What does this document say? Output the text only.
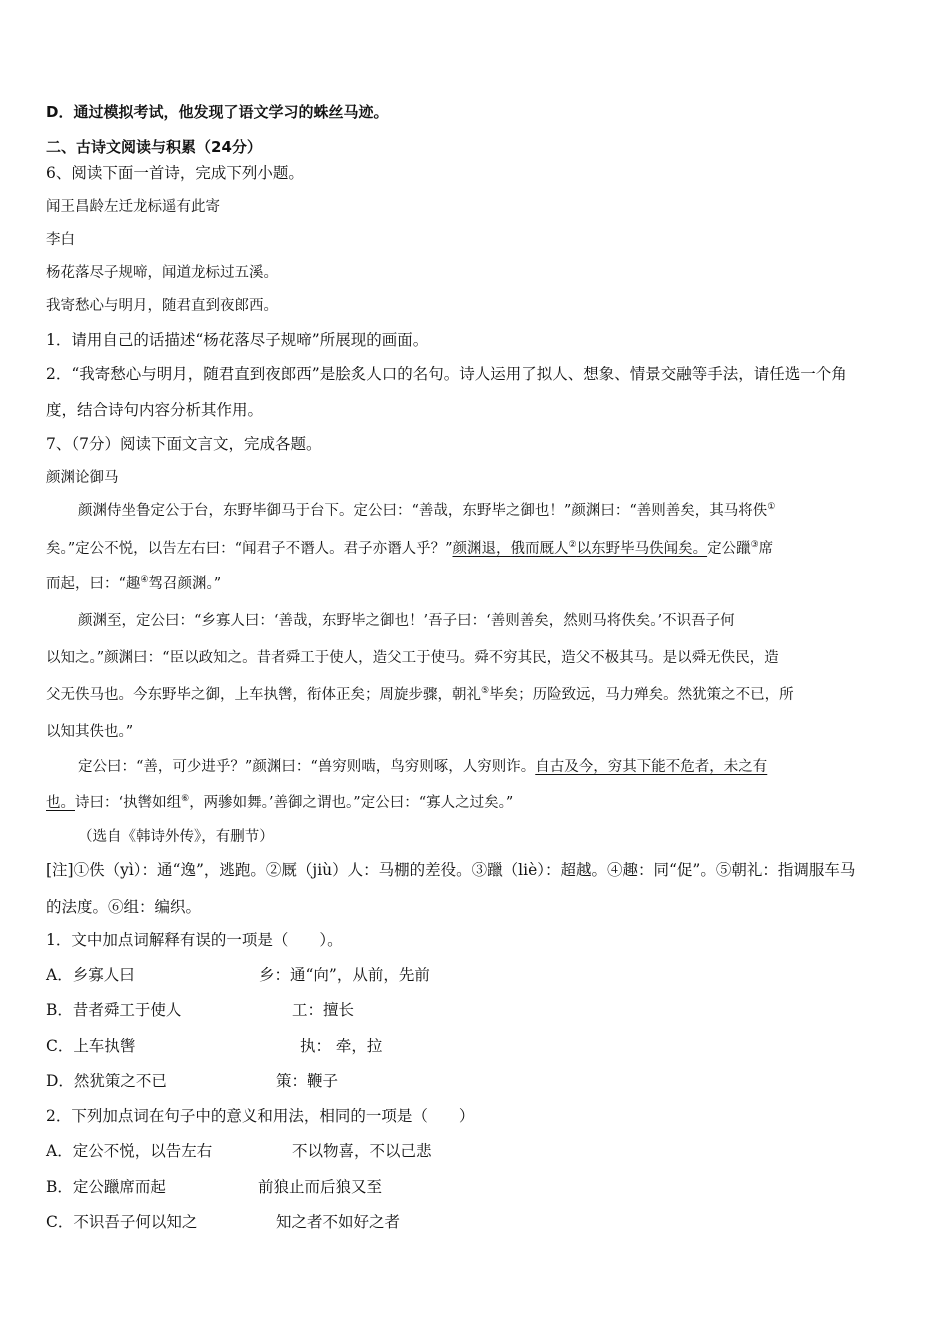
D．通过模拟考试，他发现了语文学习的蛛丝马迹。
二、古诗文阅读与积累（24分）
6、阅读下面一首诗，完成下列小题。
闻王昌龄左迁龙标遥有此寄
李白
杨花落尽子规啼，闻道龙标过五溪。
我寄愁心与明月，随君直到夜郎西。
1．请用自己的话描述“杨花落尽子规啼”所展现的画面。
2．“我寄愁心与明月，随君直到夜郎西”是脍炙人口的名句。诗人运用了拟人、想象、情景交融等手法，请任选一个角
度，结合诗句内容分析其作用。
7、（7分）阅读下面文言文，完成各题。
颜渊论御马
颜渊侍坐鲁定公于台，东野毕御马于台下。定公曰：“善哉，东野毕之御也！”颜渊曰：“善则善矣，其马将佚①
矣。”定公不悦，以告左右曰：“闻君子不谮人。君子亦谮人乎？”颜渊退，俄而厩人②以东野毕马佚闻矣。定公躐③席
而起，曰：“趣④驾召颜渊。”
颜渊至，定公曰：“乡寡人曰：‘善哉，东野毕之御也！’吾子曰：‘善则善矣，然则马将佚矣。’不识吾子何
以知之。”颜渊曰：“臣以政知之。昔者舜工于使人，造父工于使马。舜不穷其民，造父不极其马。是以舜无佚民，造
父无佚马也。今东野毕之御，上车执辔，衔体正矣；周旋步骤，朝礼⑤毕矣；历险致远，马力殚矣。然犹策之不已，所
以知其佚也。”
定公曰：“善，可少进乎？”颜渊曰：“兽穷则啮，鸟穷则啄，人穷则诈。自古及今，穷其下能不危者，未之有
也。诗曰：‘执辔如组⑥，两骖如舞。’善御之谓也。”定公曰：“寡人之过矣。”
（选自《韩诗外传》，有删节）
[注]①佚（yì）：通“逸”，逃跑。②厩（jiù）人：马棚的差役。③躐（liè）：超越。④趣：同“促”。⑤朝礼：指调服车马
的法度。⑥组：编织。
1．文中加点词解释有误的一项是（　　）。
A．乡寡人曰	乡：通“向”，从前，先前
B．昔者舜工于使人	工：擅长
C．上车执辔	执： 牵，拉
D．然犹策之不已	策：鞭子
2．下列加点词在句子中的意义和用法，相同的一项是（　　）
A．定公不悦，以告左右	不以物喜，不以己悲
B．定公躐席而起	前狼止而后狼又至
C．不识吾子何以知之	知之者不如好之者
